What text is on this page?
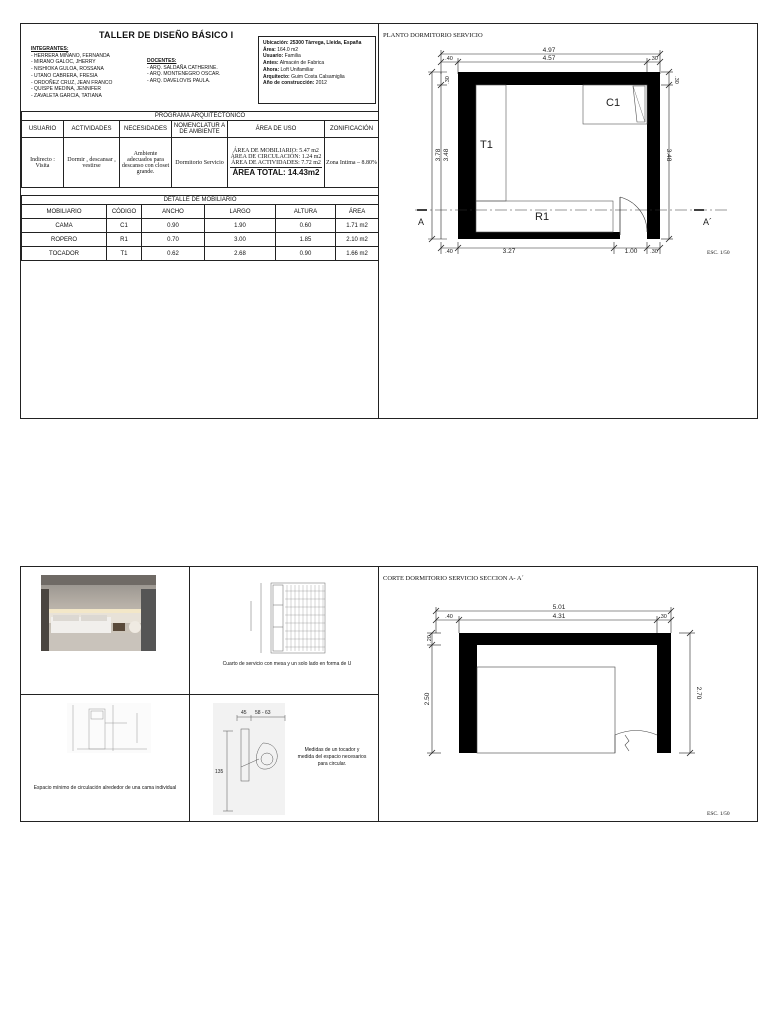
TALLER DE DISEÑO BÁSICO I
INTEGRANTES:
- HERRERA MIÑANO, FERNANDA
- MIRANO GALOC, JHERRY
- NISHIOKA GULOA, ROSSANA
- UTANO CABRERA, FRESIA
- ORDOÑEZ CRUZ, JEAN FRANCO
- QUISPE MEDINA, JENNIFER
- ZAVALETA GARCIA, TATIANA
DOCENTES:
- ARQ. SALDAÑA CATHERINE.
- ARQ. MONTENEGRO OSCAR.
- ARQ. DAVELOVIS PAULA.
Ubicación: 25300 Tàrrega, Lleida, España
Área: 164.0 m2
Usuario: Familia
Antes: Almacén de Fabrica
Ahora: Loft Unifamiliar
Arquitecto: Guim Costa Calsamiglia
Año de construcción: 2012
PROGRAMA ARQUITECTÓNICO					
USUARIO	ACTIVIDADES	NECESIDADES	NOMENCLATUR A DE AMBIENTE	ÁREA DE USO	ZONIFICACIÓN
Indirecto : Visita	Dormir , descansar , vestirse	Ambiente adecuados para descanso con closet grande.	Dormitorio Servicio	ÁREA DE MOBILIARIO: 5.47 m2
ÁREA DE CIRCULACIÓN: 1.24 m2
ÁREA DE ACTIVIDADES: 7.72 m2
ÁREA TOTAL: 14.43m2	Zona Intima – 8.80%
DETALLE DE MOBILIARIO					
MOBILIARIO	CÓDIGO	ANCHO	LARGO	ALTURA	ÁREA
CAMA	C1	0.90	1.90	0.60	1.71 m2
ROPERO	R1	0.70	3.00	1.85	2.10 m2
TOCADOR	T1	0.62	2.68	0.90	1.66 m2
PLANTO DORMITORIO SERVICIO
ESC. 1/50
4.97
.40	4.57	.30
3.27
.40	1.00 .30
3.78 3.48
.30
3.48
.30
C1
T1
R1
A	A´
Cuarto de servicio con mesa y un solo lado en forma de U
Espacio mínimo de circulación alrededor de una cama individual
45 58 - 63
135
Medidas de un tocador y medida del espacio necesarios para circular.
CORTE DORMITORIO SERVICIO SECCION A- A´
ESC. 1/50
5.01
.40	4.31	.30
.20
2.50	2.70
